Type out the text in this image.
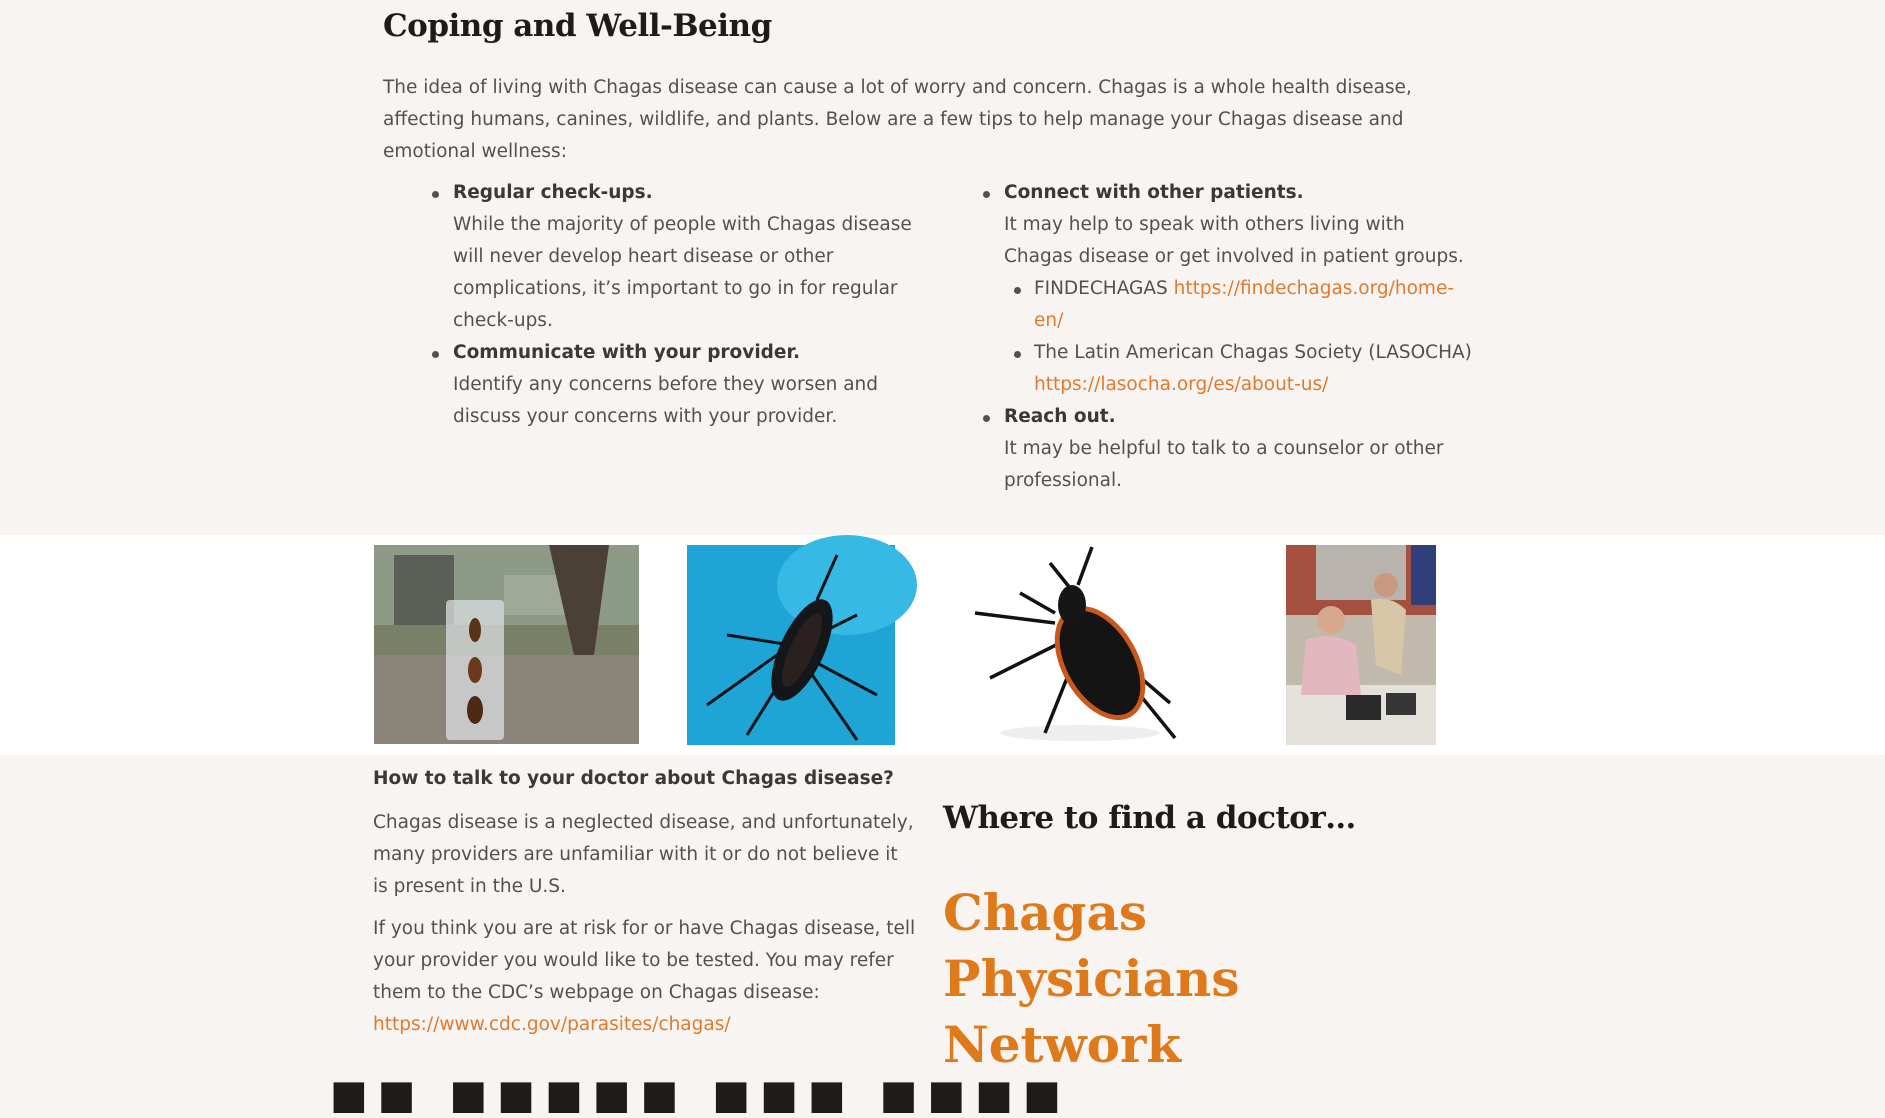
Coping and Well-Being

The idea of living with Chagas disease can cause a lot of worry and concern. Chagas is a whole health disease, affecting humans, canines, wildlife, and plants. Below are a few tips to help manage your Chagas disease and emotional wellness:

Regular check-ups.
While the majority of people with Chagas disease will never develop heart disease or other complications, it’s important to go in for regular check-ups.
Communicate with your provider.
Identify any concerns before they worsen and discuss your concerns with your provider.
Connect with other patients.
It may help to speak with others living with Chagas disease or get involved in patient groups.
FINDECHAGAS https://findechagas.org/home-en/
The Latin American Chagas Society (LASOCHA)
https://lasocha.org/es/about-us/
Reach out.
It may be helpful to talk to a counselor or other professional.
How to talk to your doctor about Chagas disease?

Chagas disease is a neglected disease, and unfortunately, many providers are unfamiliar with it or do not believe it is present in the U.S.

If you think you are at risk for or have Chagas disease, tell your provider you would like to be tested. You may refer them to the CDC’s webpage on Chagas disease:
https://www.cdc.gov/parasites/chagas/

Where to find a doctor…
Chagas Physicians Network
■■ ■■■■■ ■■■ ■■■■
